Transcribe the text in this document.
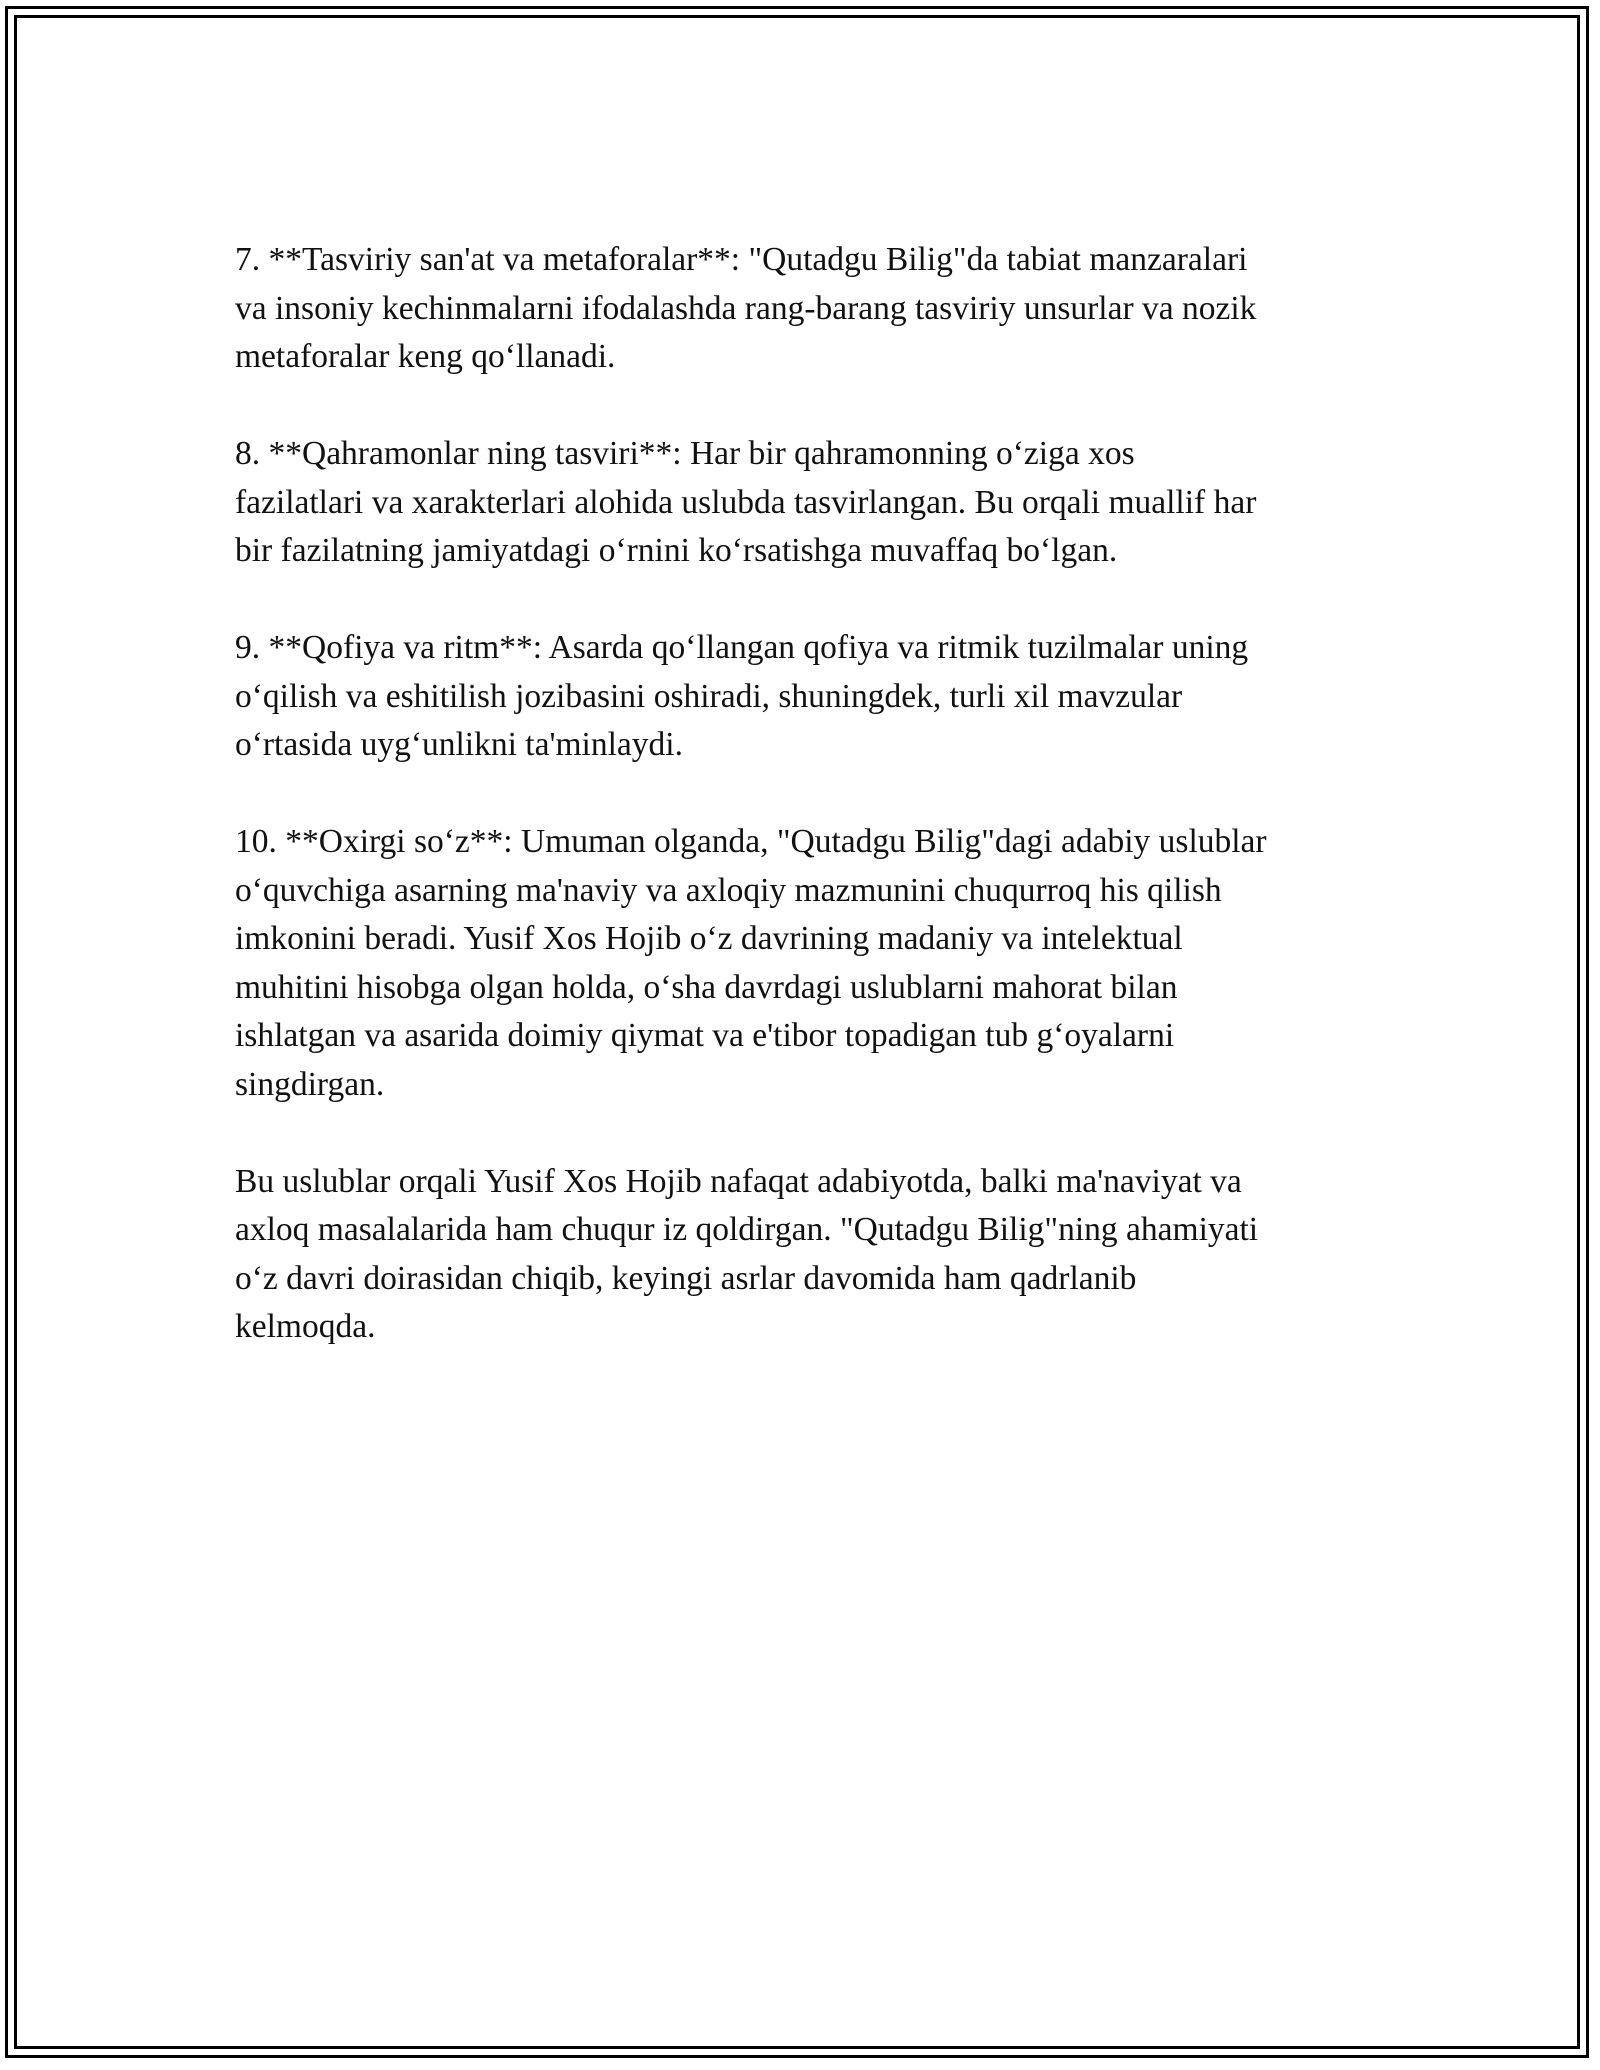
7. **Tasviriy san'at va metaforalar**: "Qutadgu Bilig"da tabiat manzaralari
va insoniy kechinmalarni ifodalashda rang-barang tasviriy unsurlar va nozik
metaforalar keng qo‘llanadi.

8. **Qahramonlar ning tasviri**: Har bir qahramonning o‘ziga xos
fazilatlari va xarakterlari alohida uslubda tasvirlangan. Bu orqali muallif har
bir fazilatning jamiyatdagi o‘rnini ko‘rsatishga muvaffaq bo‘lgan.

9. **Qofiya va ritm**: Asarda qo‘llangan qofiya va ritmik tuzilmalar uning
o‘qilish va eshitilish jozibasini oshiradi, shuningdek, turli xil mavzular
o‘rtasida uyg‘unlikni ta'minlaydi.

10. **Oxirgi so‘z**: Umuman olganda, "Qutadgu Bilig"dagi adabiy uslublar
o‘quvchiga asarning ma'naviy va axloqiy mazmunini chuqurroq his qilish
imkonini beradi. Yusif Xos Hojib o‘z davrining madaniy va intelektual
muhitini hisobga olgan holda, o‘sha davrdagi uslublarni mahorat bilan
ishlatgan va asarida doimiy qiymat va e'tibor topadigan tub g‘oyalarni
singdirgan.

Bu uslublar orqali Yusif Xos Hojib nafaqat adabiyotda, balki ma'naviyat va
axloq masalalarida ham chuqur iz qoldirgan. "Qutadgu Bilig"ning ahamiyati
o‘z davri doirasidan chiqib, keyingi asrlar davomida ham qadrlanib
kelmoqda.
